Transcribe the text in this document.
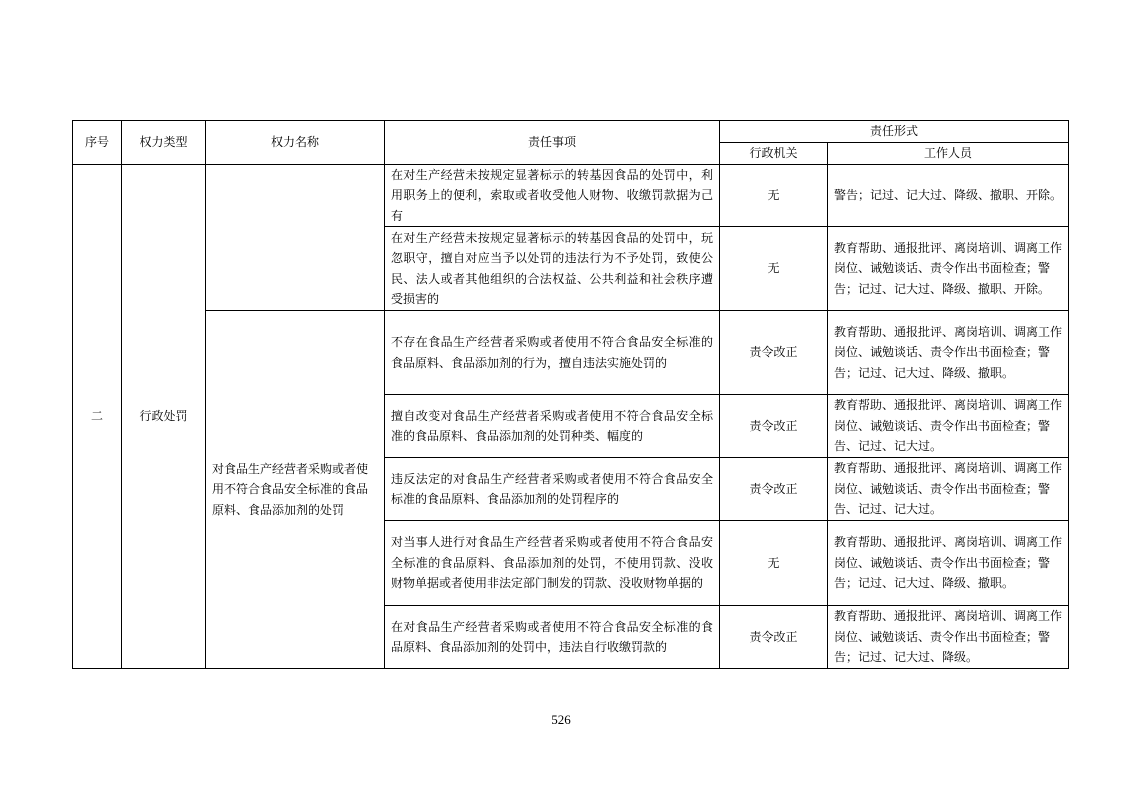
序号	权力类型	权力名称	责任事项	责任形式	
				行政机关	工作人员
二	行政处罚		在对生产经营未按规定显著标示的转基因食品的处罚中，利用职务上的便利，索取或者收受他人财物、收缴罚款据为己有	无	警告；记过、记大过、降级、撤职、开除。
			在对生产经营未按规定显著标示的转基因食品的处罚中，玩忽职守，擅自对应当予以处罚的违法行为不予处罚，致使公民、法人或者其他组织的合法权益、公共利益和社会秩序遭受损害的	无	教育帮助、通报批评、离岗培训、调离工作岗位、诫勉谈话、责令作出书面检查；警告；记过、记大过、降级、撤职、开除。
		对食品生产经营者采购或者使用不符合食品安全标准的食品原料、食品添加剂的处罚	不存在食品生产经营者采购或者使用不符合食品安全标准的食品原料、食品添加剂的行为，擅自违法实施处罚的	责令改正	教育帮助、通报批评、离岗培训、调离工作岗位、诫勉谈话、责令作出书面检查；警告；记过、记大过、降级、撤职。
			擅自改变对食品生产经营者采购或者使用不符合食品安全标准的食品原料、食品添加剂的处罚种类、幅度的	责令改正	教育帮助、通报批评、离岗培训、调离工作岗位、诫勉谈话、责令作出书面检查；警告、记过、记大过。
			违反法定的对食品生产经营者采购或者使用不符合食品安全标准的食品原料、食品添加剂的处罚程序的	责令改正	教育帮助、通报批评、离岗培训、调离工作岗位、诫勉谈话、责令作出书面检查；警告、记过、记大过。
			对当事人进行对食品生产经营者采购或者使用不符合食品安全标准的食品原料、食品添加剂的处罚，不使用罚款、没收财物单据或者使用非法定部门制发的罚款、没收财物单据的	无	教育帮助、通报批评、离岗培训、调离工作岗位、诫勉谈话、责令作出书面检查；警告；记过、记大过、降级、撤职。
			在对食品生产经营者采购或者使用不符合食品安全标准的食品原料、食品添加剂的处罚中，违法自行收缴罚款的	责令改正	教育帮助、通报批评、离岗培训、调离工作岗位、诫勉谈话、责令作出书面检查；警告；记过、记大过、降级。
526
